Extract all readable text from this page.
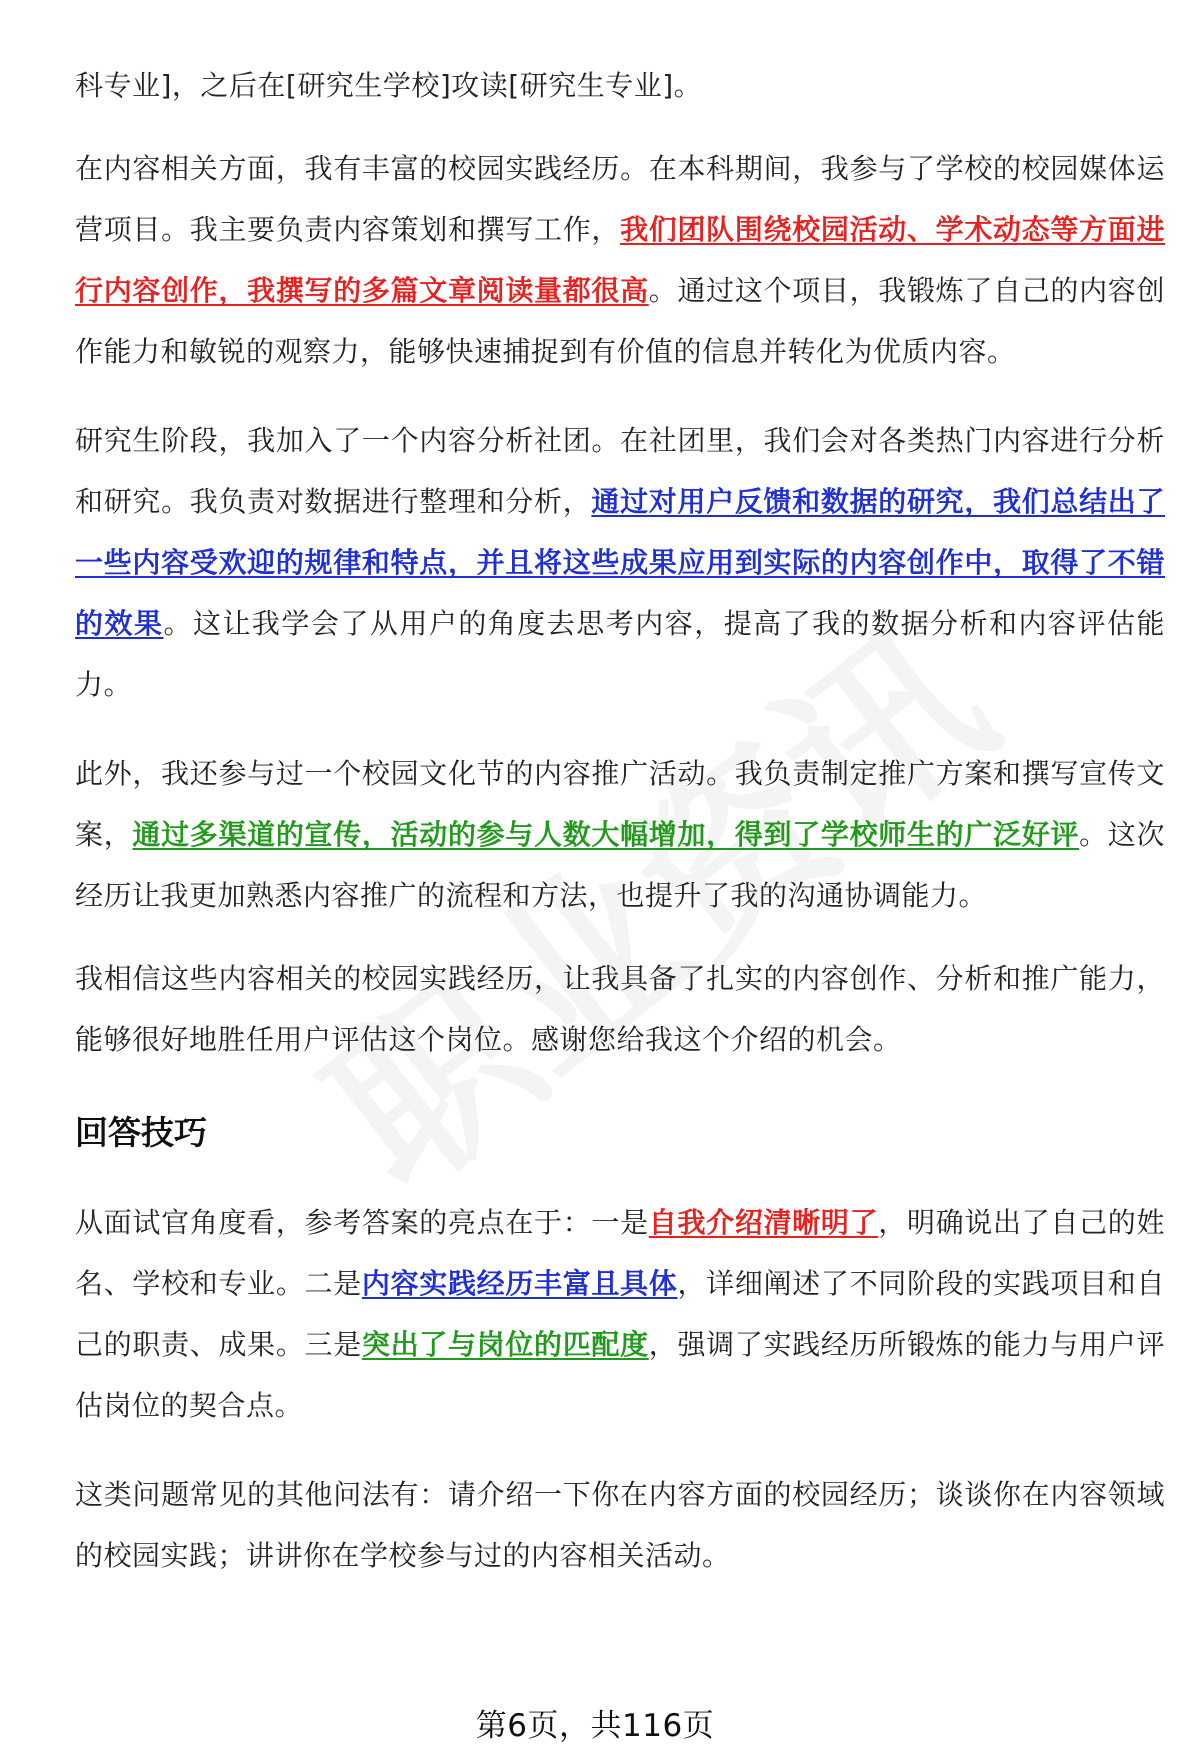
科专业]，之后在[研究生学校]攻读[研究生专业]。

在内容相关方面，我有丰富的校园实践经历。在本科期间，我参与了学校的校园媒体运营项目。我主要负责内容策划和撰写工作，我们团队围绕校园活动、学术动态等方面进行内容创作，我撰写的多篇文章阅读量都很高。通过这个项目，我锻炼了自己的内容创作能力和敏锐的观察力，能够快速捕捉到有价值的信息并转化为优质内容。

研究生阶段，我加入了一个内容分析社团。在社团里，我们会对各类热门内容进行分析和研究。我负责对数据进行整理和分析，通过对用户反馈和数据的研究，我们总结出了一些内容受欢迎的规律和特点，并且将这些成果应用到实际的内容创作中，取得了不错的效果。这让我学会了从用户的角度去思考内容，提高了我的数据分析和内容评估能力。

此外，我还参与过一个校园文化节的内容推广活动。我负责制定推广方案和撰写宣传文案，通过多渠道的宣传，活动的参与人数大幅增加，得到了学校师生的广泛好评。这次经历让我更加熟悉内容推广的流程和方法，也提升了我的沟通协调能力。

我相信这些内容相关的校园实践经历，让我具备了扎实的内容创作、分析和推广能力，能够很好地胜任用户评估这个岗位。感谢您给我这个介绍的机会。

回答技巧

从面试官角度看，参考答案的亮点在于：一是自我介绍清晰明了，明确说出了自己的姓名、学校和专业。二是内容实践经历丰富且具体，详细阐述了不同阶段的实践项目和自己的职责、成果。三是突出了与岗位的匹配度，强调了实践经历所锻炼的能力与用户评估岗位的契合点。

这类问题常见的其他问法有：请介绍一下你在内容方面的校园经历；谈谈你在内容领域的校园实践；讲讲你在学校参与过的内容相关活动。

第6页，共116页
